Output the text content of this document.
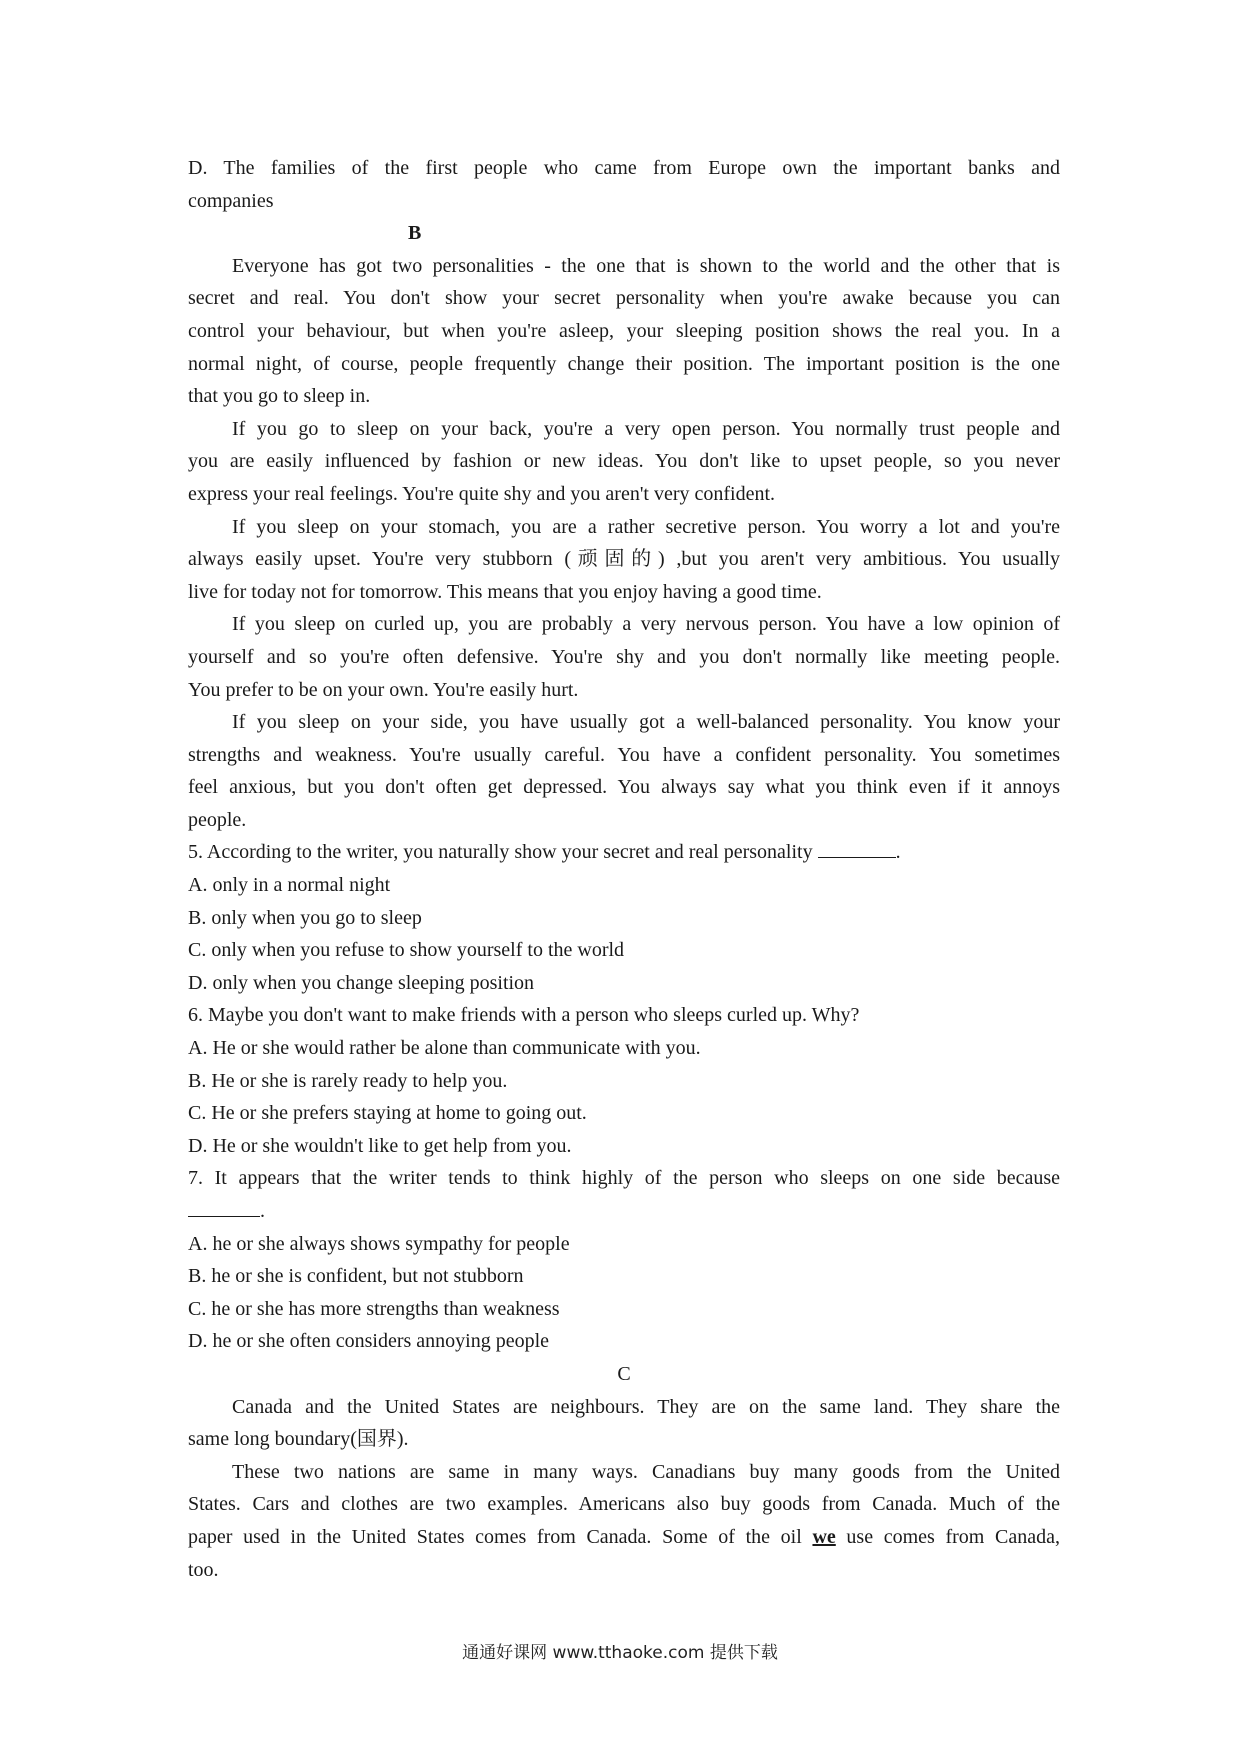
D. The families of the first people who came from Europe own the important banks and
companies
B
Everyone has got two personalities - the one that is shown to the world and the other that is
secret and real. You don't show your secret personality when you're awake because you can
control your behaviour, but when you're asleep, your sleeping position shows the real you. In a
normal night, of course, people frequently change their position. The important position is the one
that you go to sleep in.
If you go to sleep on your back, you're a very open person. You normally trust people and
you are easily influenced by fashion or new ideas. You don't like to upset people, so you never
express your real feelings. You're quite shy and you aren't very confident.
If you sleep on your stomach, you are a rather secretive person. You worry a lot and you're
always easily upset. You're very stubborn (顽固的) ,but you aren't very ambitious. You usually
live for today not for tomorrow. This means that you enjoy having a good time.
If you sleep on curled up, you are probably a very nervous person. You have a low opinion of
yourself and so you're often defensive. You're shy and you don't normally like meeting people.
You prefer to be on your own. You're easily hurt.
If you sleep on your side, you have usually got a well-balanced personality. You know your
strengths and weakness. You're usually careful. You have a confident personality. You sometimes
feel anxious, but you don't often get depressed. You always say what you think even if it annoys
people.
5. According to the writer, you naturally show your secret and real personality	.
A. only in a normal night
B. only when you go to sleep
C. only when you refuse to show yourself to the world
D. only when you change sleeping position
6. Maybe you don't want to make friends with a person who sleeps curled up. Why?
A. He or she would rather be alone than communicate with you.
B. He or she is rarely ready to help you.
C. He or she prefers staying at home to going out.
D. He or she wouldn't like to get help from you.
7. It appears that the writer tends to think highly of the person who sleeps on one side because
.
A. he or she always shows sympathy for people
B. he or she is confident, but not stubborn
C. he or she has more strengths than weakness
D. he or she often considers annoying people
C
Canada and the United States are neighbours. They are on the same land. They share the
same long boundary(国界).
These two nations are same in many ways. Canadians buy many goods from the United
States. Cars and clothes are two examples. Americans also buy goods from Canada. Much of the
paper used in the United States comes from Canada. Some of the oil we use comes from Canada,
too.
通通好课网 www.tthaoke.com 提供下载
